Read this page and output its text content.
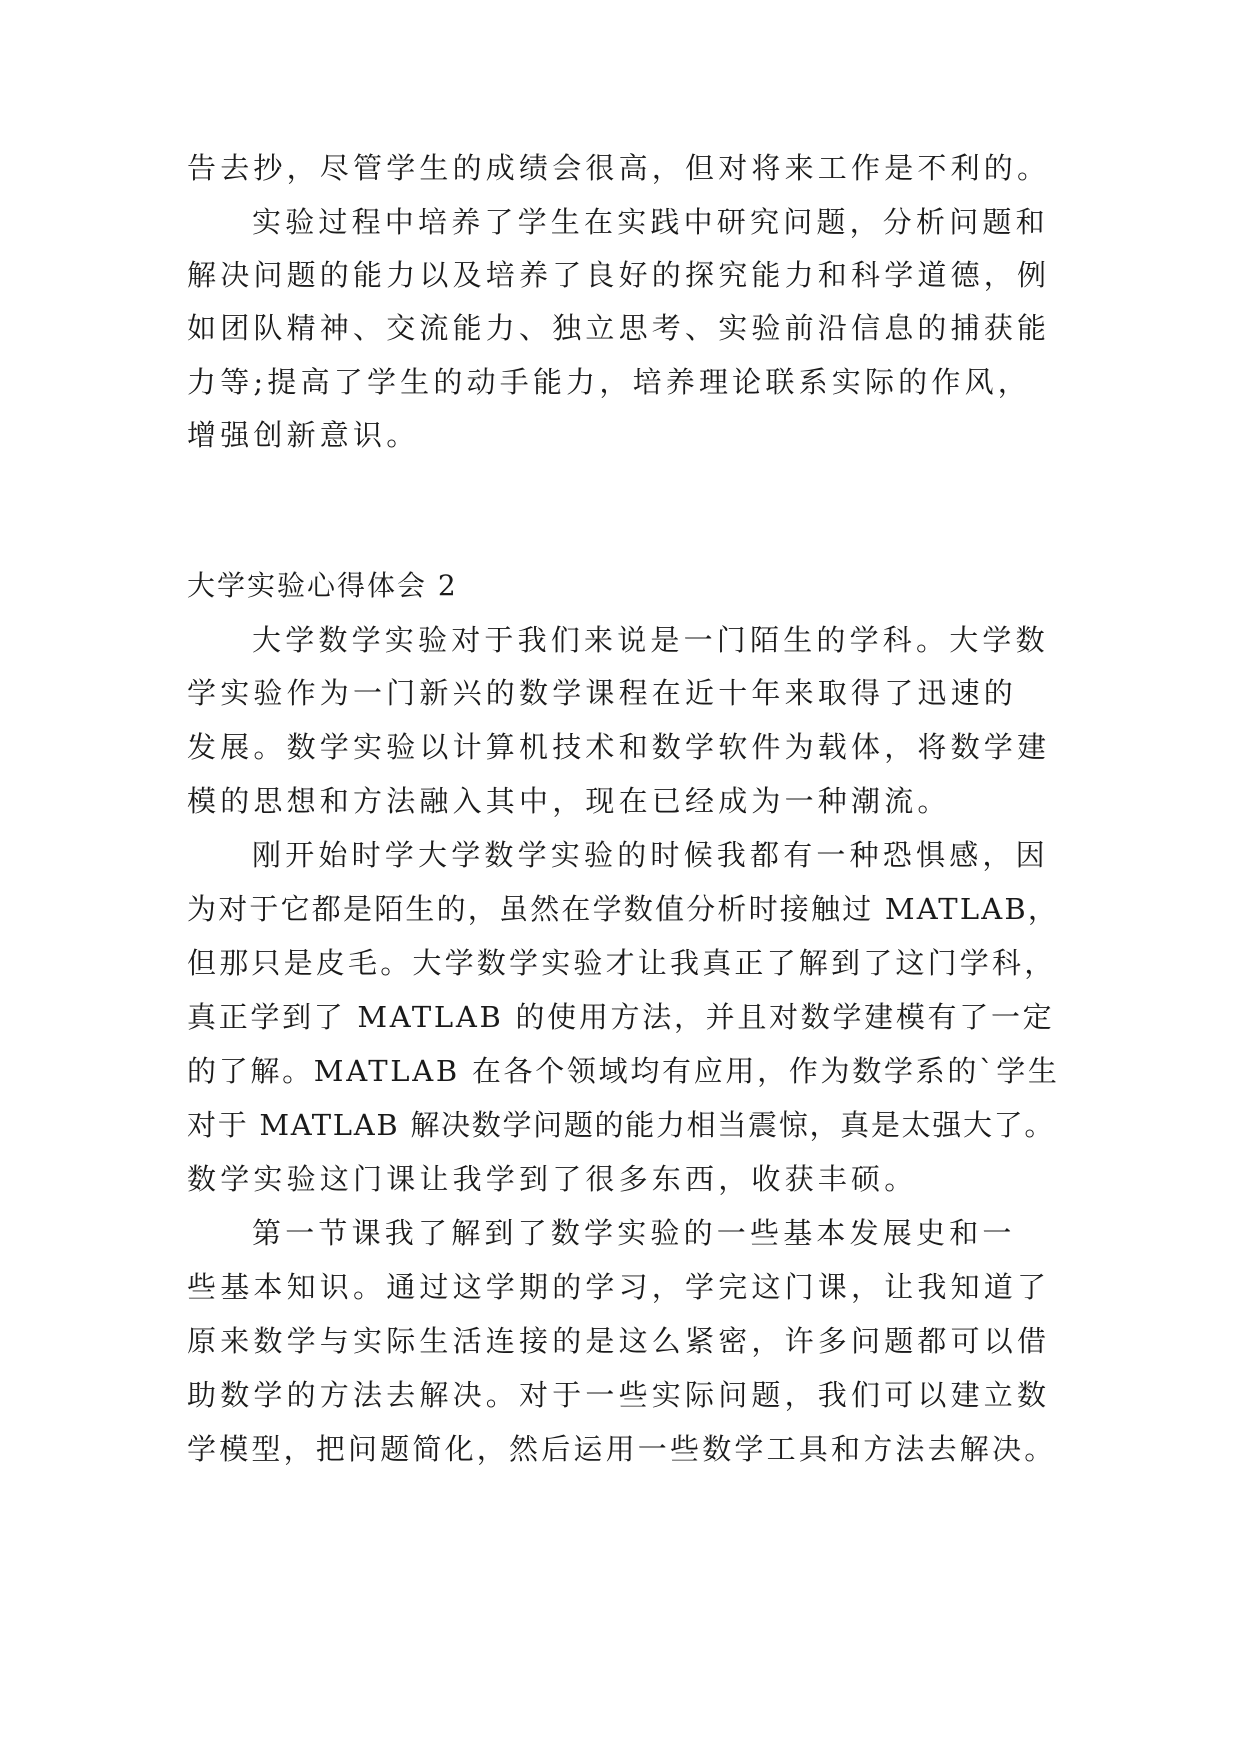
告去抄，尽管学生的成绩会很高，但对将来工作是不利的。
实验过程中培养了学生在实践中研究问题，分析问题和
解决问题的能力以及培养了良好的探究能力和科学道德，例
如团队精神、交流能力、独立思考、实验前沿信息的捕获能
力等;提高了学生的动手能力，培养理论联系实际的作风，
增强创新意识。
大学实验心得体会 2
大学数学实验对于我们来说是一门陌生的学科。大学数
学实验作为一门新兴的数学课程在近十年来取得了迅速的
发展。数学实验以计算机技术和数学软件为载体，将数学建
模的思想和方法融入其中，现在已经成为一种潮流。
刚开始时学大学数学实验的时候我都有一种恐惧感，因
为对于它都是陌生的，虽然在学数值分析时接触过 MATLAB，
但那只是皮毛。大学数学实验才让我真正了解到了这门学科，
真正学到了 MATLAB 的使用方法，并且对数学建模有了一定
的了解。MATLAB 在各个领域均有应用，作为数学系的`学生
对于 MATLAB 解决数学问题的能力相当震惊，真是太强大了。
数学实验这门课让我学到了很多东西，收获丰硕。
第一节课我了解到了数学实验的一些基本发展史和一
些基本知识。通过这学期的学习，学完这门课，让我知道了
原来数学与实际生活连接的是这么紧密，许多问题都可以借
助数学的方法去解决。对于一些实际问题，我们可以建立数
学模型，把问题简化，然后运用一些数学工具和方法去解决。
